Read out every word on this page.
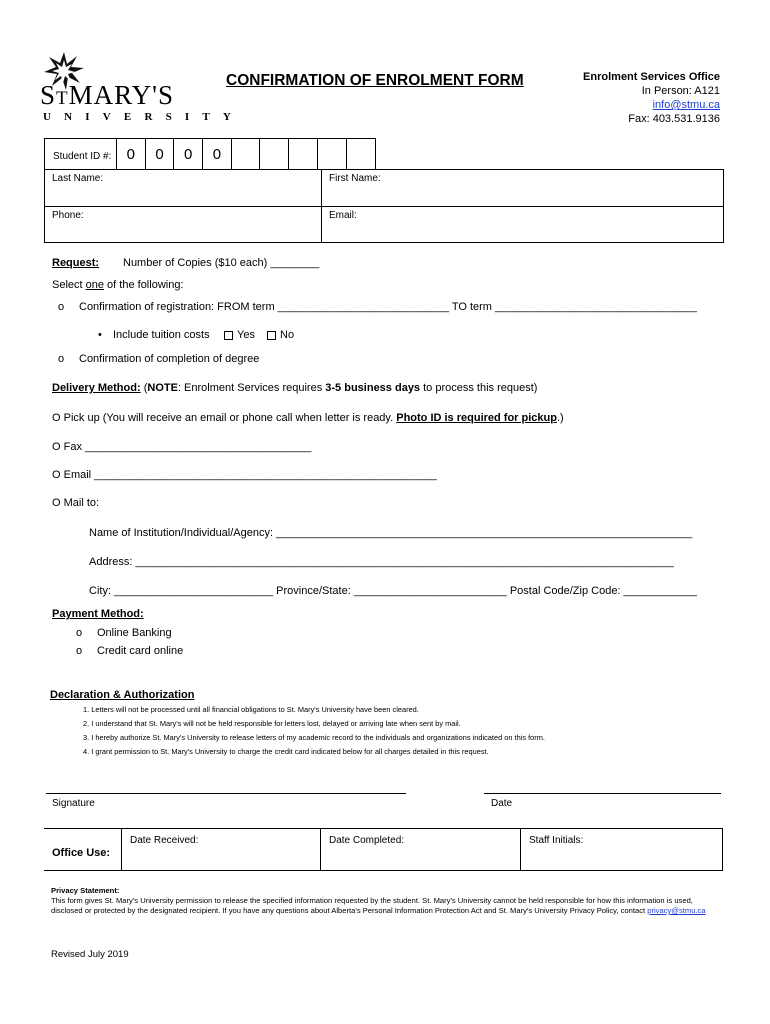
STMARY'S
UNIVERSITY
CONFIRMATION OF ENROLMENT FORM	Enrolment Services Office
In Person: A121
info@stmu.ca
Fax: 403.531.9136
Student ID #:	0	0	0	0
Last Name:	First Name:
Phone:	Email:
Request: Number of Copies ($10 each) ________
Select one of the following:
o Confirmation of registration: FROM term ____________________________ TO term _________________________________
• Include tuition costs Yes No
o Confirmation of completion of degree
Delivery Method: (NOTE: Enrolment Services requires 3-5 business days to process this request)
O Pick up (You will receive an email or phone call when letter is ready. Photo ID is required for pickup.)
O Fax _____________________________________
O Email ________________________________________________________
O Mail to:
Name of Institution/Individual/Agency: ____________________________________________________________________
Address: ________________________________________________________________________________________
City: __________________________ Province/State: _________________________ Postal Code/Zip Code: ____________
Payment Method:
o Online Banking
o Credit card online
Declaration & Authorization
1. Letters will not be processed until all financial obligations to St. Mary's University have been cleared.
2. I understand that St. Mary's will not be held responsible for letters lost, delayed or arriving late when sent by mail.
3. I hereby authorize St. Mary's University to release letters of my academic record to the individuals and organizations indicated on this form.
4. I grant permission to St. Mary's University to charge the credit card indicated below for all charges detailed in this request.
Signature	Date
Office Use:
Date Received:	Date Completed:	Staff Initials:
Privacy Statement:
This form gives St. Mary's University permission to release the specified information requested by the student. St. Mary's University cannot be held responsible for how this information is used, disclosed or protected by the designated recipient. If you have any questions about Alberta's Personal Information Protection Act and St. Mary's University Privacy Policy, contact privacy@stmu.ca
Revised July 2019
